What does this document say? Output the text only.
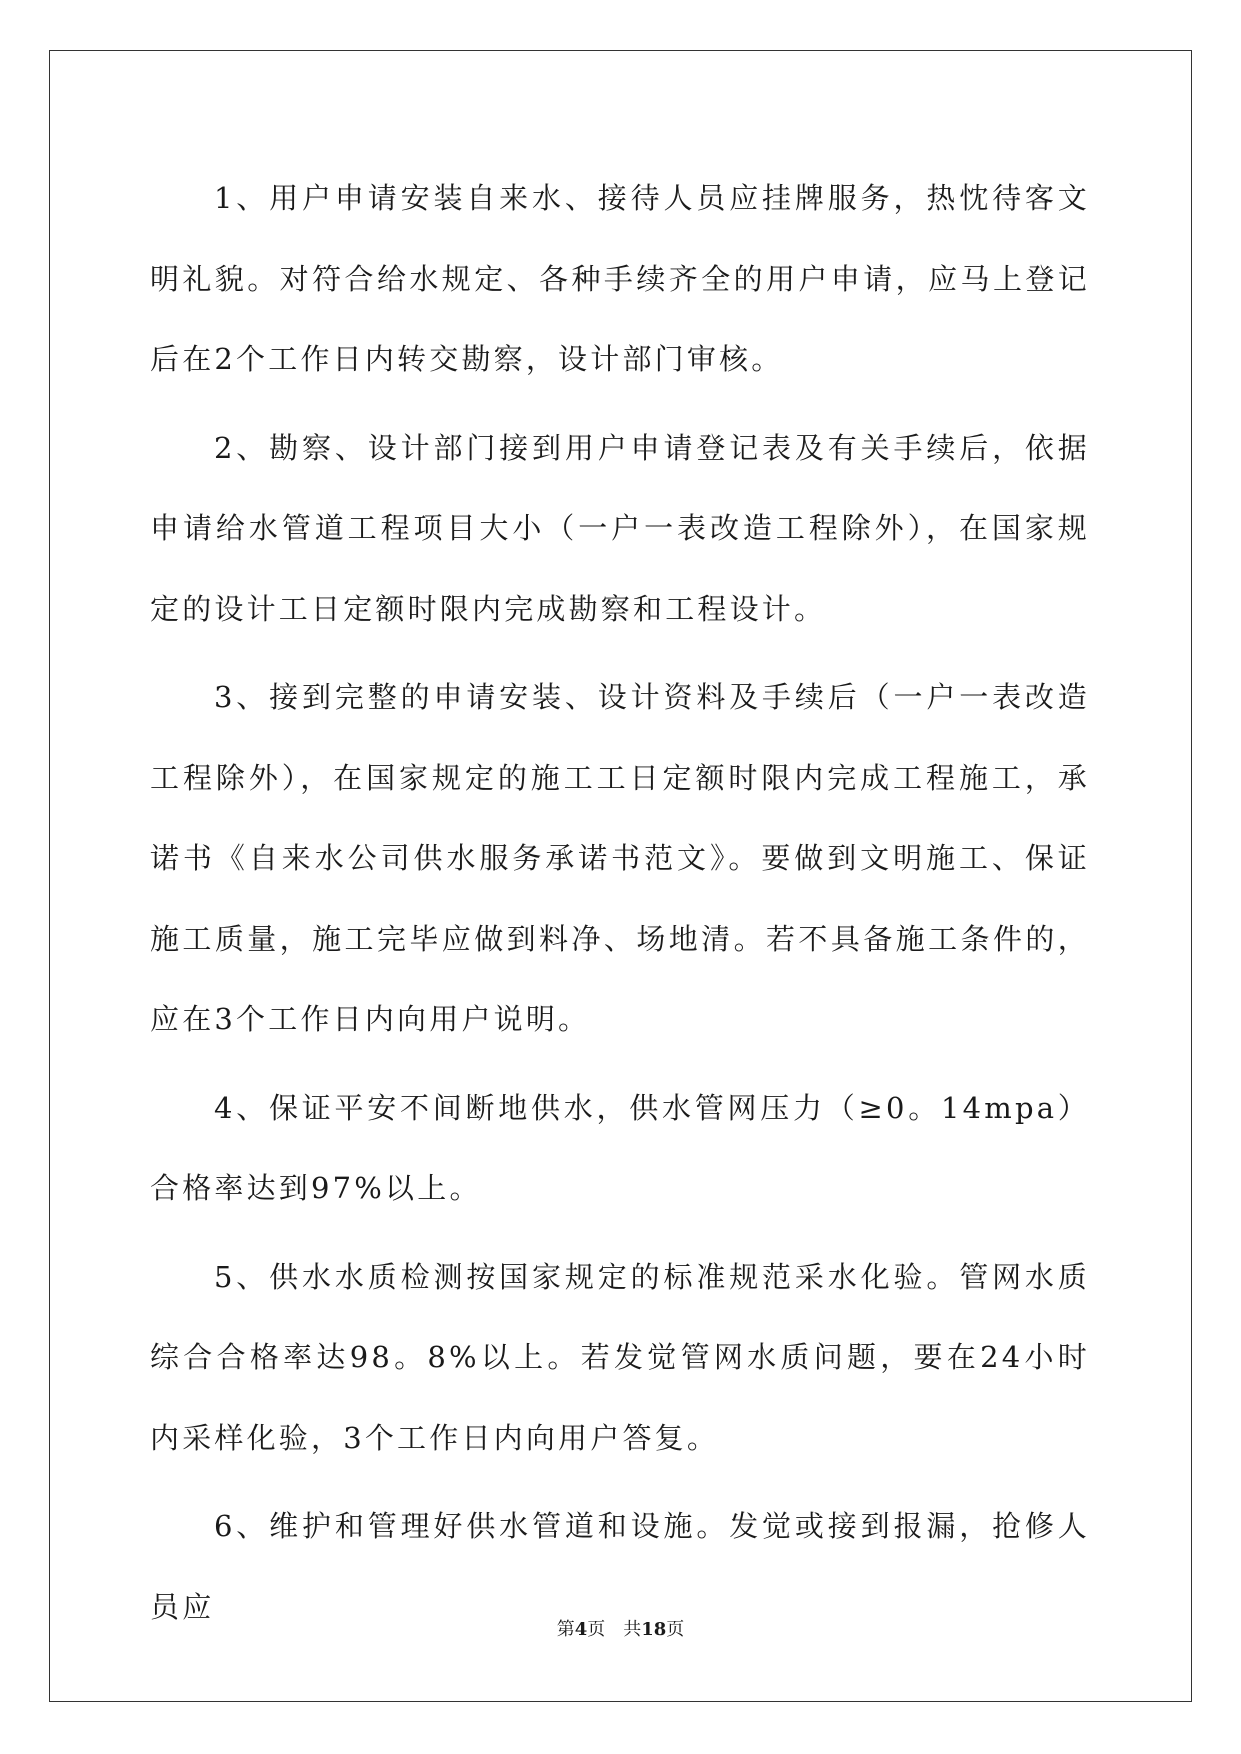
1、用户申请安装自来水、接待人员应挂牌服务，热忱待客文明礼貌。对符合给水规定、各种手续齐全的用户申请，应马上登记后在2个工作日内转交勘察，设计部门审核。

2、勘察、设计部门接到用户申请登记表及有关手续后，依据申请给水管道工程项目大小（一户一表改造工程除外），在国家规定的设计工日定额时限内完成勘察和工程设计。

3、接到完整的申请安装、设计资料及手续后（一户一表改造工程除外），在国家规定的施工工日定额时限内完成工程施工，承诺书《自来水公司供水服务承诺书范文》。要做到文明施工、保证施工质量，施工完毕应做到料净、场地清。若不具备施工条件的，应在3个工作日内向用户说明。

4、保证平安不间断地供水，供水管网压力（≥0。14mpa）合格率达到97%以上。

5、供水水质检测按国家规定的标准规范采水化验。管网水质综合合格率达98。8%以上。若发觉管网水质问题，要在24小时内采样化验，3个工作日内向用户答复。

6、维护和管理好供水管道和设施。发觉或接到报漏，抢修人员应

第4页 共18页
